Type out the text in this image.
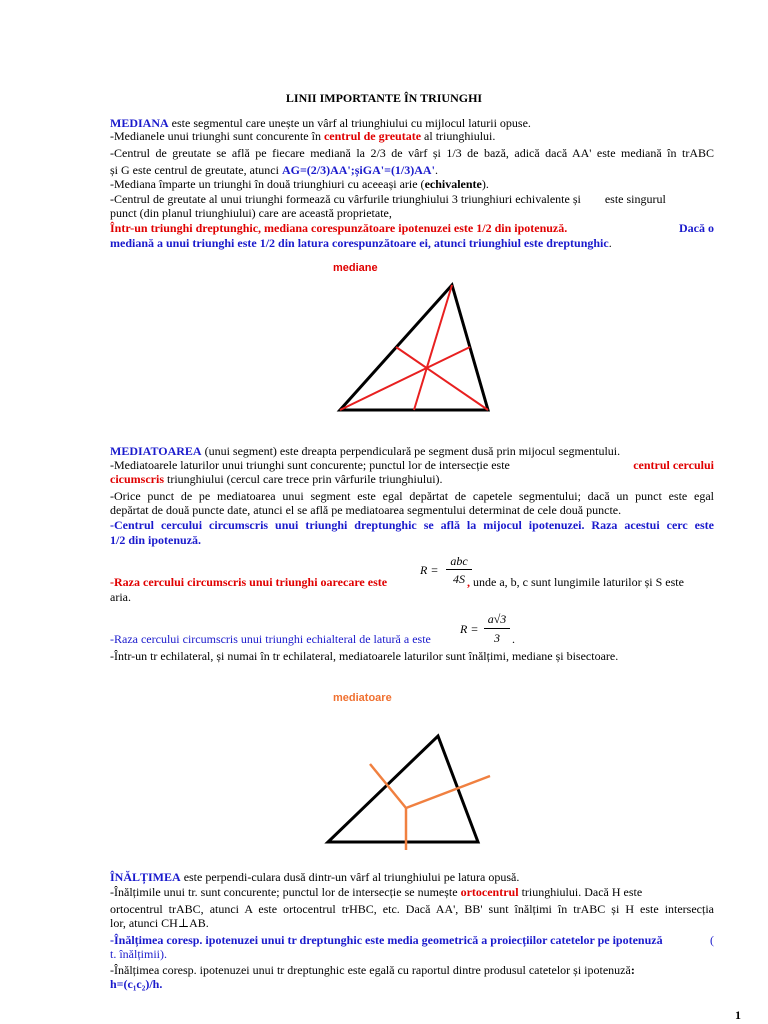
LINII IMPORTANTE ÎN TRIUNGHI
MEDIANA este segmentul care unește un vârf al triunghiului cu mijlocul laturii opuse.
-Medianele unui triunghi sunt concurente în centrul de greutate al triunghiului.
-Centrul de greutate se află pe fiecare mediană la 2/3 de vârf și 1/3 de bază, adică dacă AA' este mediană în trABC
și G este centrul de greutate, atunci AG=(2/3)AA';șiGA'=(1/3)AA'.
-Mediana împarte un triunghi în două triunghiuri cu aceeași arie (echivalente).
-Centrul de greutate al unui triunghi formează cu vârfurile triunghiului 3 triunghiuri echivalente și        este singurul
punct (din planul triunghiului) care are această proprietate,
Într-un triunghi dreptunghic, mediana corespunzătoare ipotenuzei este 1/2 din ipotenuză.	Dacă o
mediană a unui triunghi este 1/2 din latura corespunzătoare ei, atunci triunghiul este dreptunghic.
mediane
MEDIATOAREA (unui segment) este dreapta perpendiculară pe segment dusă prin mijocul segmentului.
-Mediatoarele laturilor unui triunghi sunt concurente; punctul lor de intersecție este	centrul cercului
cicumscris triunghiului (cercul care trece prin vârfurile triunghiului).
-Orice punct de pe mediatoarea unui segment este egal depărtat de capetele segmentului; dacă un punct este egal
depărtat de două puncte date, atunci el se află pe mediatoarea segmentului determinat de cele două puncte.
-Centrul cercului circumscris unui triunghi dreptunghic se află la mijocul ipotenuzei. Raza acestui cerc este
1/2 din ipotenuză.
-Raza cercului circumscris unui triunghi oarecare este	, unde a, b, c sunt lungimile laturilor și S este
aria.
R =
abc
4S
-Raza cercului circumscris unui triunghi echialteral de latură a este	.
R =
a√3
3
-Într-un tr echilateral, și numai în tr echilateral, mediatoarele laturilor sunt înălțimi, mediane și bisectoare.
mediatoare
ÎNĂLȚIMEA este perpendi-culara dusă dintr-un vârf al triunghiului pe latura opusă.
-Înălțimile unui tr. sunt concurente; punctul lor de intersecție se numește ortocentrul triunghiului. Dacă H este
ortocentrul trABC, atunci A este ortocentrul trHBC, etc. Dacă AA', BB' sunt înălțimi în trABC și H este intersecția
lor, atunci CH⊥AB.
-Înălțimea coresp. ipotenuzei unui tr dreptunghic este media geometrică a proiecțiilor catetelor pe ipotenuză	(
t. înălțimii).
-Înălțimea coresp. ipotenuzei unui tr dreptunghic este egală cu raportul dintre produsul catetelor și ipotenuză:
h=(c₁c₂)/h.
1
